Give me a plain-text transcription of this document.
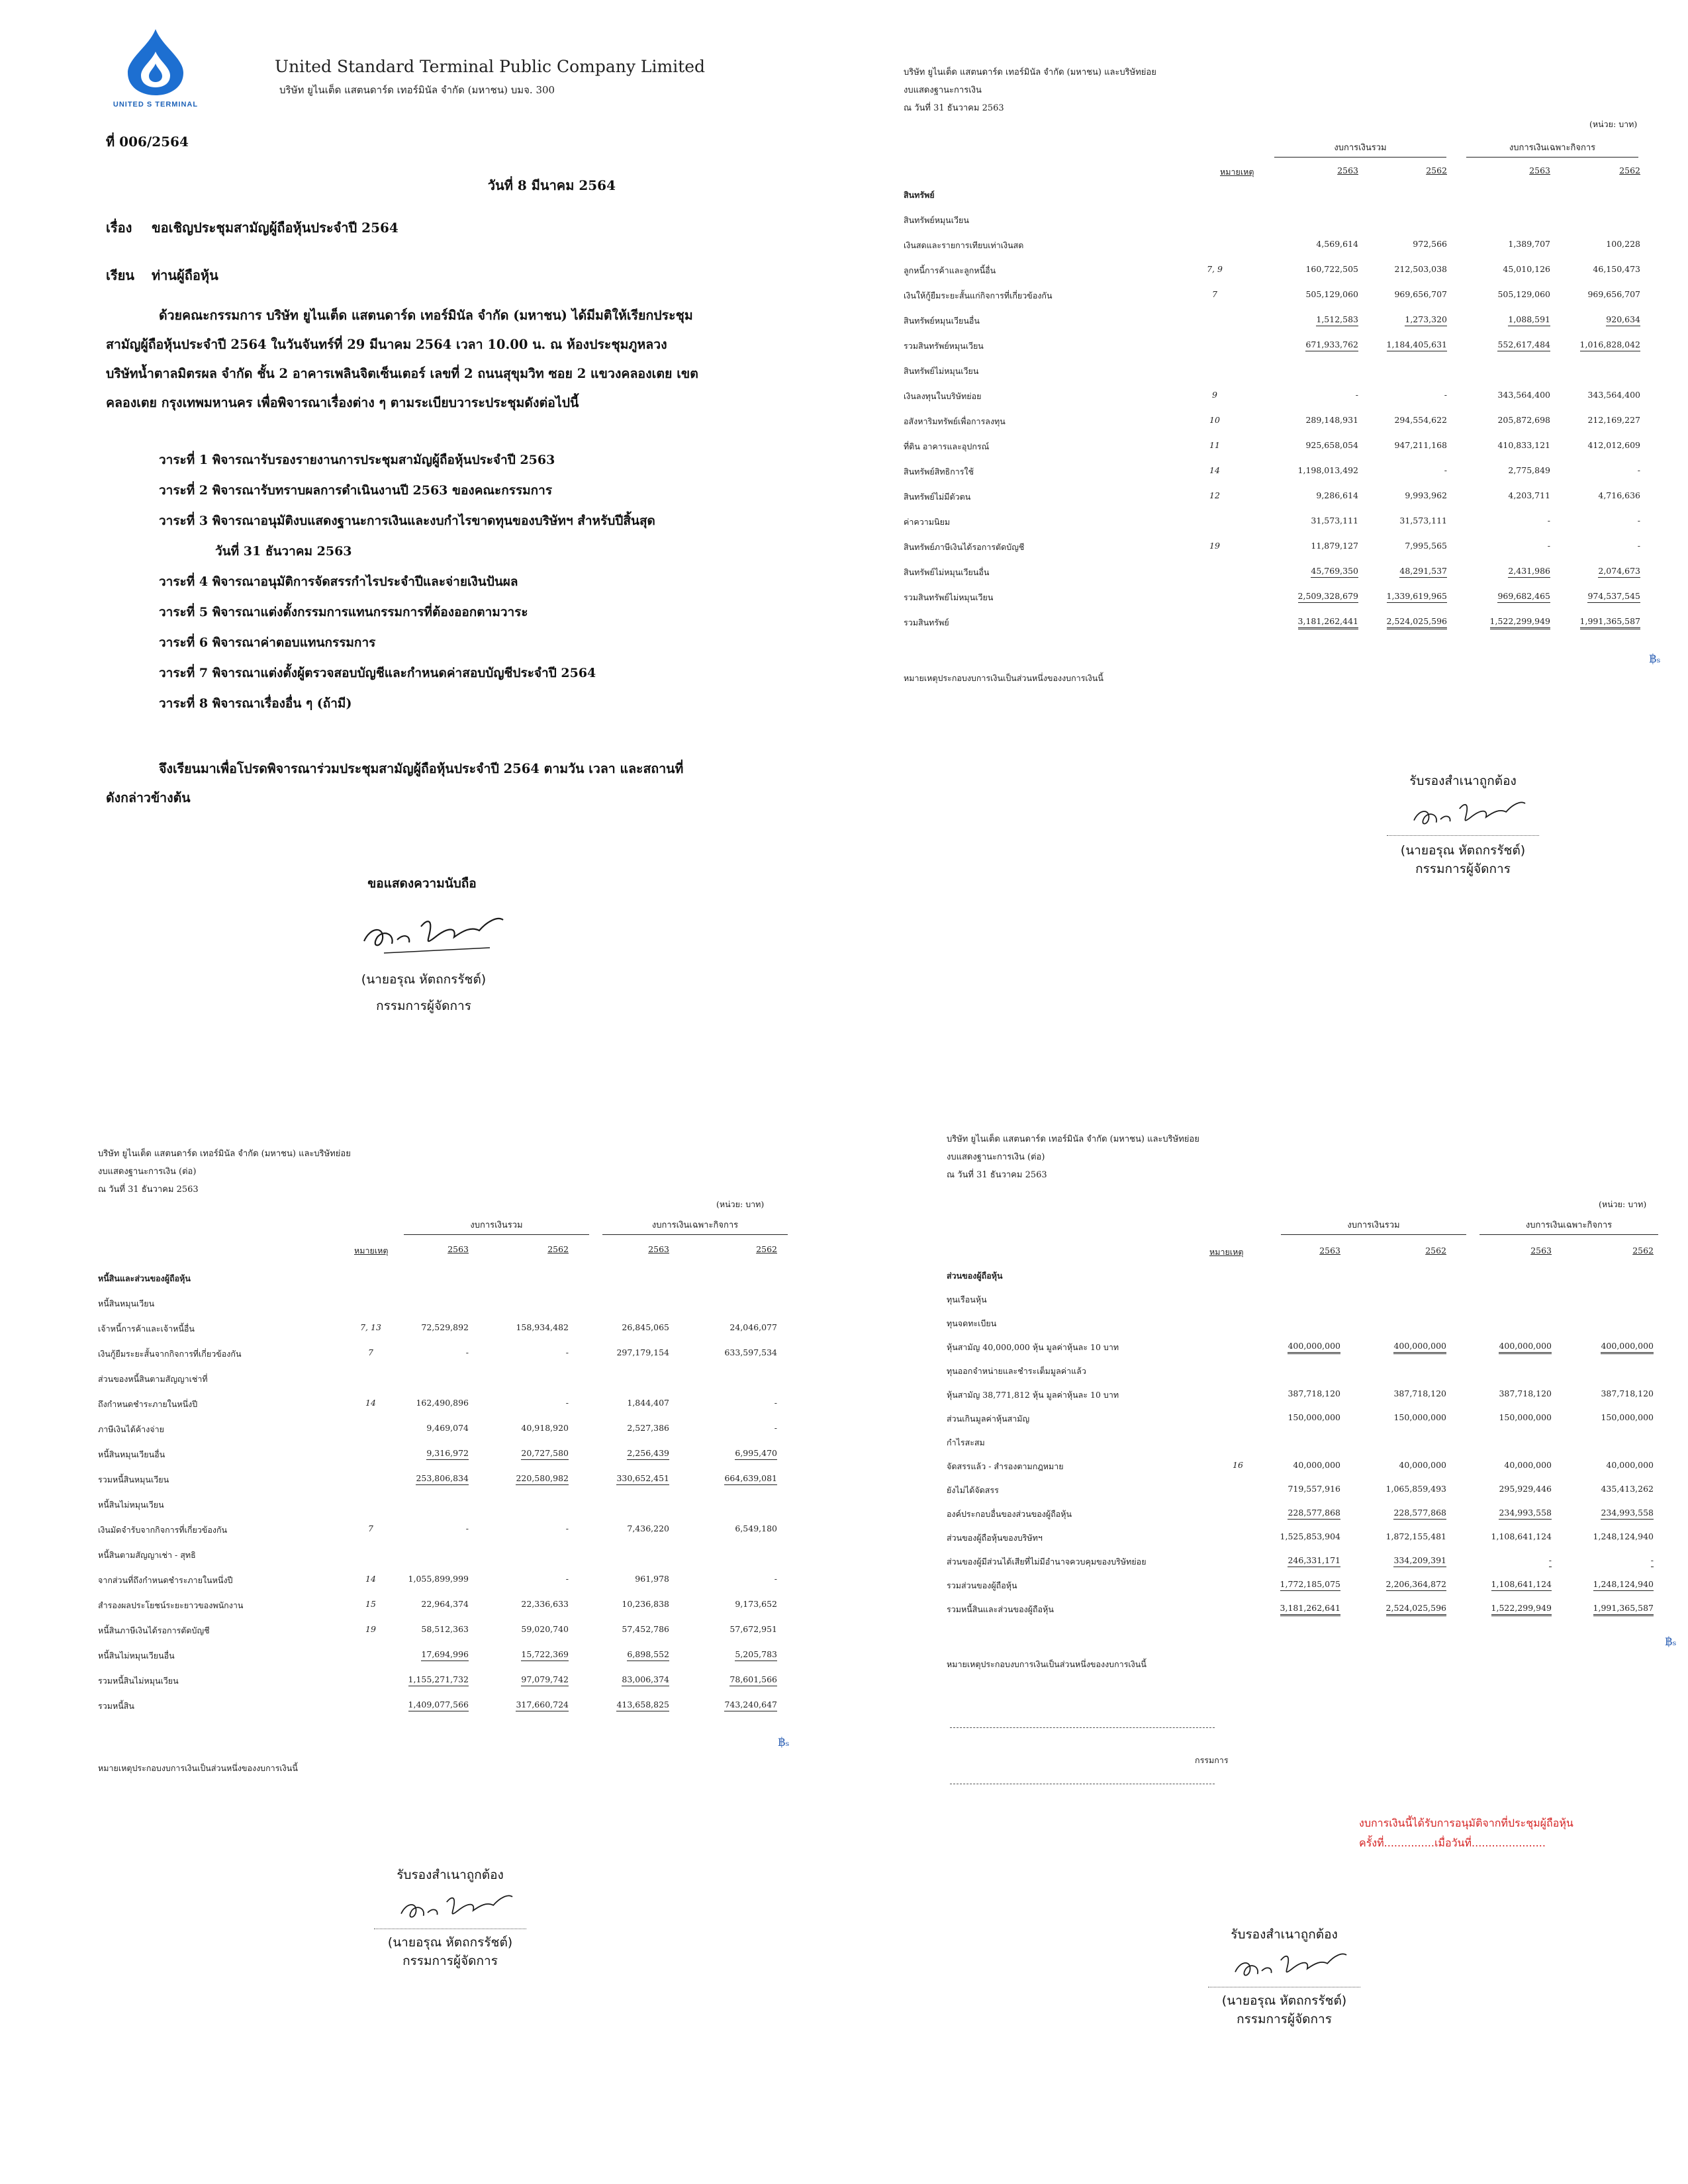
UNITED S TERMINAL
United Standard Terminal Public Company Limited
บริษัท ยูไนเต็ด แสตนดาร์ด เทอร์มินัล จำกัด (มหาชน) บมจ. 300
ที่ 006/2564
วันที่ 8 มีนาคม 2564
เรื่อง ขอเชิญประชุมสามัญผู้ถือหุ้นประจำปี 2564
เรียน ท่านผู้ถือหุ้น
ด้วยคณะกรรมการ บริษัท ยูไนเต็ด แสตนดาร์ด เทอร์มินัล จำกัด (มหาชน) ได้มีมติให้เรียกประชุม
สามัญผู้ถือหุ้นประจำปี 2564 ในวันจันทร์ที่ 29 มีนาคม 2564 เวลา 10.00 น. ณ ห้องประชุมภูหลวง
บริษัทน้ำตาลมิตรผล จำกัด ชั้น 2 อาคารเพลินจิตเซ็นเตอร์ เลขที่ 2 ถนนสุขุมวิท ซอย 2 แขวงคลองเตย เขต
คลองเตย กรุงเทพมหานคร เพื่อพิจารณาเรื่องต่าง ๆ ตามระเบียบวาระประชุมดังต่อไปนี้
วาระที่ 1 พิจารณารับรองรายงานการประชุมสามัญผู้ถือหุ้นประจำปี 2563
วาระที่ 2 พิจารณารับทราบผลการดำเนินงานปี 2563 ของคณะกรรมการ
วาระที่ 3 พิจารณาอนุมัติงบแสดงฐานะการเงินและงบกำไรขาดทุนของบริษัทฯ สำหรับปีสิ้นสุด
วันที่ 31 ธันวาคม 2563
วาระที่ 4 พิจารณาอนุมัติการจัดสรรกำไรประจำปีและจ่ายเงินปันผล
วาระที่ 5 พิจารณาแต่งตั้งกรรมการแทนกรรมการที่ต้องออกตามวาระ
วาระที่ 6 พิจารณาค่าตอบแทนกรรมการ
วาระที่ 7 พิจารณาแต่งตั้งผู้ตรวจสอบบัญชีและกำหนดค่าสอบบัญชีประจำปี 2564
วาระที่ 8 พิจารณาเรื่องอื่น ๆ (ถ้ามี)
จึงเรียนมาเพื่อโปรดพิจารณาร่วมประชุมสามัญผู้ถือหุ้นประจำปี 2564 ตามวัน เวลา และสถานที่
ดังกล่าวข้างต้น
ขอแสดงความนับถือ
(นายอรุณ หัตถกรรัชต์)
กรรมการผู้จัดการ
บริษัท ยูไนเต็ด แสตนดาร์ด เทอร์มินัล จำกัด (มหาชน) และบริษัทย่อย
งบแสดงฐานะการเงิน
ณ วันที่ 31 ธันวาคม 2563
(หน่วย: บาท)
งบการเงินรวม	งบการเงินเฉพาะกิจการ
หมายเหตุ	2563	2562	2563	2562
สินทรัพย์
สินทรัพย์หมุนเวียน
เงินสดและรายการเทียบเท่าเงินสด	4,569,614	972,566	1,389,707	100,228
ลูกหนี้การค้าและลูกหนี้อื่น	7, 9	160,722,505	212,503,038	45,010,126	46,150,473
เงินให้กู้ยืมระยะสั้นแก่กิจการที่เกี่ยวข้องกัน	7	505,129,060	969,656,707	505,129,060	969,656,707
สินทรัพย์หมุนเวียนอื่น	1,512,583	1,273,320	1,088,591	920,634
รวมสินทรัพย์หมุนเวียน	671,933,762	1,184,405,631	552,617,484	1,016,828,042
สินทรัพย์ไม่หมุนเวียน
เงินลงทุนในบริษัทย่อย	9	-	-	343,564,400	343,564,400
อสังหาริมทรัพย์เพื่อการลงทุน	10	289,148,931	294,554,622	205,872,698	212,169,227
ที่ดิน อาคารและอุปกรณ์	11	925,658,054	947,211,168	410,833,121	412,012,609
สินทรัพย์สิทธิการใช้	14	1,198,013,492	-	2,775,849	-
สินทรัพย์ไม่มีตัวตน	12	9,286,614	9,993,962	4,203,711	4,716,636
ค่าความนิยม	31,573,111	31,573,111	-	-
สินทรัพย์ภาษีเงินได้รอการตัดบัญชี	19	11,879,127	7,995,565	-	-
สินทรัพย์ไม่หมุนเวียนอื่น	45,769,350	48,291,537	2,431,986	2,074,673
รวมสินทรัพย์ไม่หมุนเวียน	2,509,328,679	1,339,619,965	969,682,465	974,537,545
รวมสินทรัพย์	3,181,262,441	2,524,025,596	1,522,299,949	1,991,365,587
฿ₛ
หมายเหตุประกอบงบการเงินเป็นส่วนหนึ่งของงบการเงินนี้
รับรองสำเนาถูกต้อง
(นายอรุณ หัตถกรรัชต์)
กรรมการผู้จัดการ
บริษัท ยูไนเต็ด แสตนดาร์ด เทอร์มินัล จำกัด (มหาชน) และบริษัทย่อย
งบแสดงฐานะการเงิน (ต่อ)
ณ วันที่ 31 ธันวาคม 2563
(หน่วย: บาท)
งบการเงินรวม	งบการเงินเฉพาะกิจการ
หมายเหตุ	2563	2562	2563	2562
หนี้สินและส่วนของผู้ถือหุ้น
หนี้สินหมุนเวียน
เจ้าหนี้การค้าและเจ้าหนี้อื่น	7, 13	72,529,892	158,934,482	26,845,065	24,046,077
เงินกู้ยืมระยะสั้นจากกิจการที่เกี่ยวข้องกัน	7	-	-	297,179,154	633,597,534
ส่วนของหนี้สินตามสัญญาเช่าที่
ถึงกำหนดชำระภายในหนึ่งปี	14	162,490,896	-	1,844,407	-
ภาษีเงินได้ค้างจ่าย	9,469,074	40,918,920	2,527,386	-
หนี้สินหมุนเวียนอื่น	9,316,972	20,727,580	2,256,439	6,995,470
รวมหนี้สินหมุนเวียน	253,806,834	220,580,982	330,652,451	664,639,081
หนี้สินไม่หมุนเวียน
เงินมัดจำรับจากกิจการที่เกี่ยวข้องกัน	7	-	-	7,436,220	6,549,180
หนี้สินตามสัญญาเช่า - สุทธิ
จากส่วนที่ถึงกำหนดชำระภายในหนึ่งปี	14	1,055,899,999	-	961,978	-
สำรองผลประโยชน์ระยะยาวของพนักงาน	15	22,964,374	22,336,633	10,236,838	9,173,652
หนี้สินภาษีเงินได้รอการตัดบัญชี	19	58,512,363	59,020,740	57,452,786	57,672,951
หนี้สินไม่หมุนเวียนอื่น	17,694,996	15,722,369	6,898,552	5,205,783
รวมหนี้สินไม่หมุนเวียน	1,155,271,732	97,079,742	83,006,374	78,601,566
รวมหนี้สิน	1,409,077,566	317,660,724	413,658,825	743,240,647
฿ₛ
หมายเหตุประกอบงบการเงินเป็นส่วนหนึ่งของงบการเงินนี้
รับรองสำเนาถูกต้อง
(นายอรุณ หัตถกรรัชต์)
กรรมการผู้จัดการ
บริษัท ยูไนเต็ด แสตนดาร์ด เทอร์มินัล จำกัด (มหาชน) และบริษัทย่อย
งบแสดงฐานะการเงิน (ต่อ)
ณ วันที่ 31 ธันวาคม 2563
(หน่วย: บาท)
งบการเงินรวม	งบการเงินเฉพาะกิจการ
หมายเหตุ	2563	2562	2563	2562
ส่วนของผู้ถือหุ้น
ทุนเรือนหุ้น
ทุนจดทะเบียน
หุ้นสามัญ 40,000,000 หุ้น มูลค่าหุ้นละ 10 บาท	400,000,000	400,000,000	400,000,000	400,000,000
ทุนออกจำหน่ายและชำระเต็มมูลค่าแล้ว
หุ้นสามัญ 38,771,812 หุ้น มูลค่าหุ้นละ 10 บาท	387,718,120	387,718,120	387,718,120	387,718,120
ส่วนเกินมูลค่าหุ้นสามัญ	150,000,000	150,000,000	150,000,000	150,000,000
กำไรสะสม
จัดสรรแล้ว - สำรองตามกฎหมาย	16	40,000,000	40,000,000	40,000,000	40,000,000
ยังไม่ได้จัดสรร	719,557,916	1,065,859,493	295,929,446	435,413,262
องค์ประกอบอื่นของส่วนของผู้ถือหุ้น	228,577,868	228,577,868	234,993,558	234,993,558
ส่วนของผู้ถือหุ้นของบริษัทฯ	1,525,853,904	1,872,155,481	1,108,641,124	1,248,124,940
ส่วนของผู้มีส่วนได้เสียที่ไม่มีอำนาจควบคุมของบริษัทย่อย	246,331,171	334,209,391	-	-
รวมส่วนของผู้ถือหุ้น	1,772,185,075	2,206,364,872	1,108,641,124	1,248,124,940
รวมหนี้สินและส่วนของผู้ถือหุ้น	3,181,262,641	2,524,025,596	1,522,299,949	1,991,365,587
฿ₛ
หมายเหตุประกอบงบการเงินเป็นส่วนหนึ่งของงบการเงินนี้
กรรมการ
งบการเงินนี้ได้รับการอนุมัติจากที่ประชุมผู้ถือหุ้น
ครั้งที่...............เมื่อวันที่......................
รับรองสำเนาถูกต้อง
(นายอรุณ หัตถกรรัชต์)
กรรมการผู้จัดการ
